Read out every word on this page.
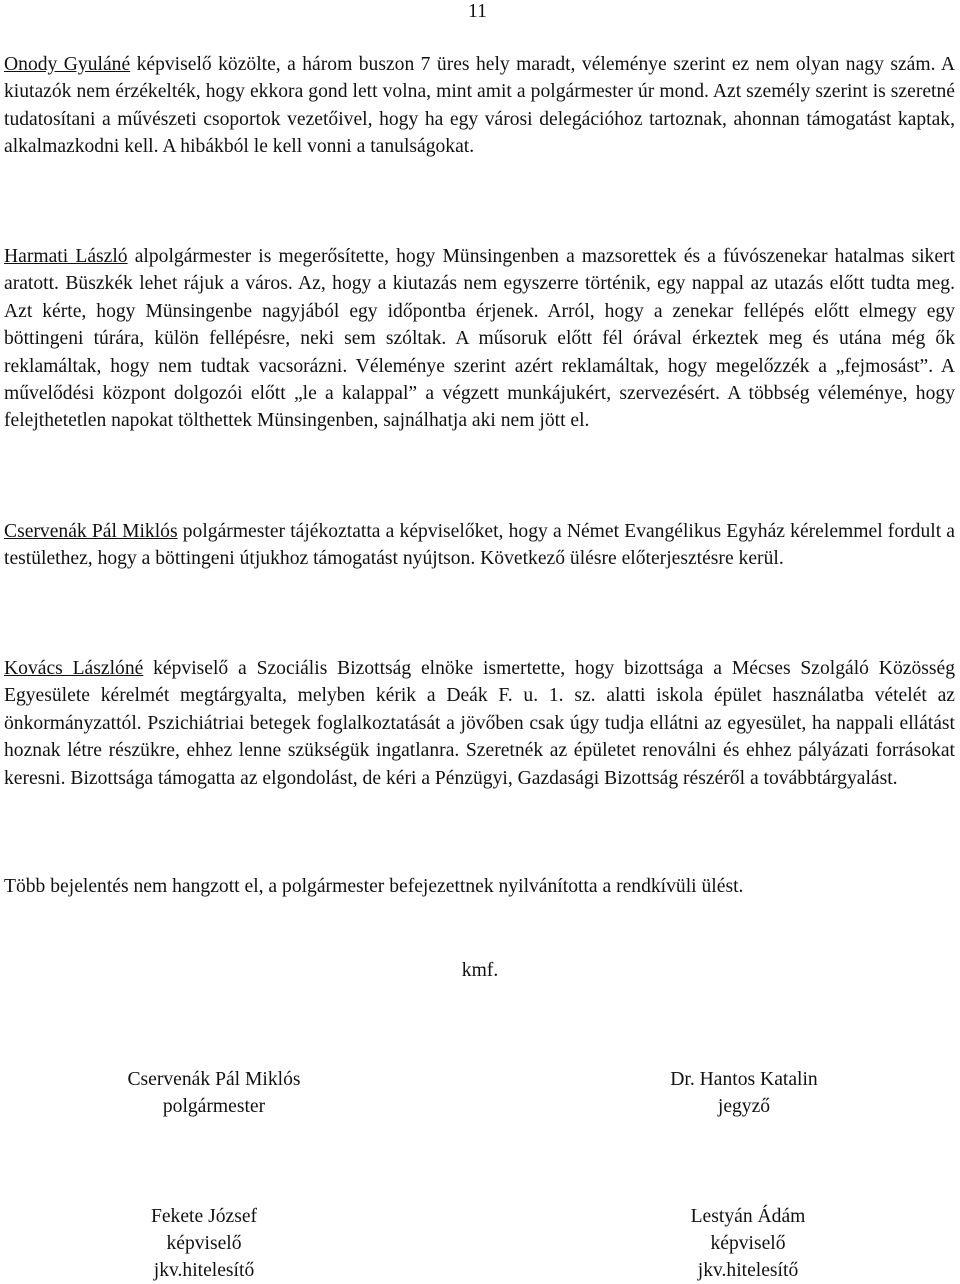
11

Onody Gyuláné képviselő közölte, a három buszon 7 üres hely maradt, véleménye szerint ez nem olyan nagy szám. A kiutazók nem érzékelték, hogy ekkora gond lett volna, mint amit a polgármester úr mond. Azt személy szerint is szeretné tudatosítani a művészeti csoportok vezetőivel, hogy ha egy városi delegációhoz tartoznak, ahonnan támogatást kaptak, alkalmazkodni kell. A hibákból le kell vonni a tanulságokat.

Harmati László alpolgármester is megerősítette, hogy Münsingenben a mazsorettek és a fúvószenekar hatalmas sikert aratott. Büszkék lehet rájuk a város. Az, hogy a kiutazás nem egyszerre történik, egy nappal az utazás előtt tudta meg. Azt kérte, hogy Münsingenbe nagyjából egy időpontba érjenek. Arról, hogy a zenekar fellépés előtt elmegy egy böttingeni túrára, külön fellépésre, neki sem szóltak. A műsoruk előtt fél órával érkeztek meg és utána még ők reklamáltak, hogy nem tudtak vacsorázni. Véleménye szerint azért reklamáltak, hogy megelőzzék a „fejmosást”. A művelődési központ dolgozói előtt „le a kalappal” a végzett munkájukért, szervezésért. A többség véleménye, hogy felejthetetlen napokat tölthettek Münsingenben, sajnálhatja aki nem jött el.

Cservenák Pál Miklós polgármester tájékoztatta a képviselőket, hogy a Német Evangélikus Egyház kérelemmel fordult a testülethez, hogy a böttingeni útjukhoz támogatást nyújtson. Következő ülésre előterjesztésre kerül.

Kovács Lászlóné képviselő a Szociális Bizottság elnöke ismertette, hogy bizottsága a Mécses Szolgáló Közösség Egyesülete kérelmét megtárgyalta, melyben kérik a Deák F. u. 1. sz. alatti iskola épület használatba vételét az önkormányzattól. Pszichiátriai betegek foglalkoztatását a jövőben csak úgy tudja ellátni az egyesület, ha nappali ellátást hoznak létre részükre, ehhez lenne szükségük ingatlanra. Szeretnék az épületet renoválni és ehhez pályázati forrásokat keresni. Bizottsága támogatta az elgondolást, de kéri a Pénzügyi, Gazdasági Bizottság részéről a továbbtárgyalást.

Több bejelentés nem hangzott el, a polgármester befejezettnek nyilvánította a rendkívüli ülést.

kmf.
Cservenák Pál Miklós
polgármester
Dr. Hantos Katalin
jegyző
Fekete József
képviselő
jkv.hitelesítő
Lestyán Ádám
képviselő
jkv.hitelesítő
